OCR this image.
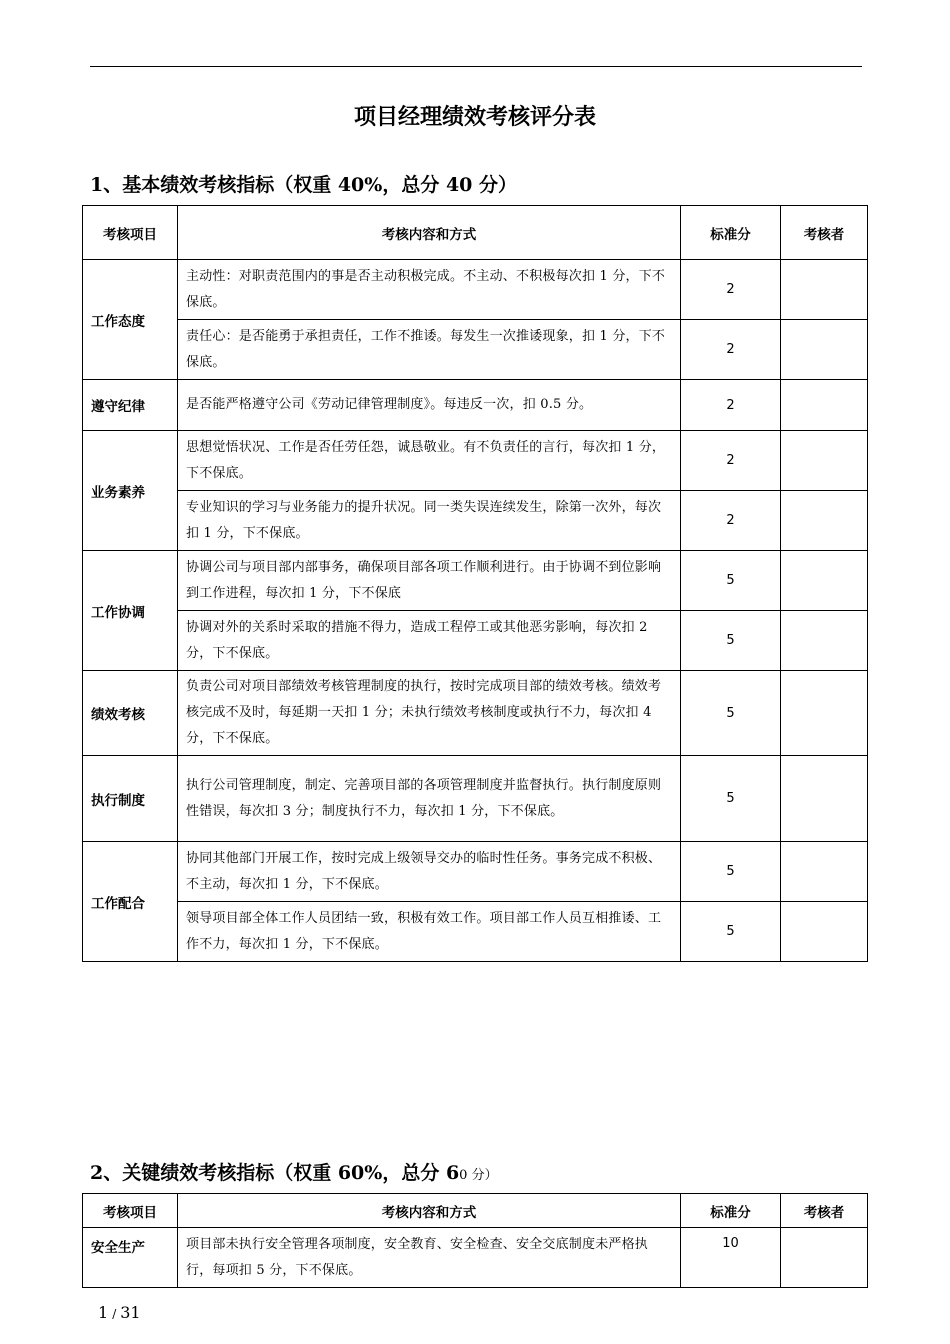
项目经理绩效考核评分表
1、基本绩效考核指标（权重 40%，总分 40 分）
考核项目	考核内容和方式	标准分	考核者
工作态度	主动性：对职责范围内的事是否主动积极完成。不主动、不积极每次扣 1 分，下不保底。	2	
	责任心：是否能勇于承担责任，工作不推诿。每发生一次推诿现象，扣 1 分，下不保底。	2	
遵守纪律	是否能严格遵守公司《劳动记律管理制度》。每违反一次，扣 0.5 分。	2	
业务素养	思想觉悟状况、工作是否任劳任怨，诚恳敬业。有不负责任的言行，每次扣 1 分，下不保底。	2	
	专业知识的学习与业务能力的提升状况。同一类失误连续发生，除第一次外，每次扣 1 分，下不保底。	2	
工作协调	协调公司与项目部内部事务，确保项目部各项工作顺利进行。由于协调不到位影响到工作进程，每次扣 1 分，下不保底	5	
	协调对外的关系时采取的措施不得力，造成工程停工或其他恶劣影响，每次扣 2 分，下不保底。	5	
绩效考核	负责公司对项目部绩效考核管理制度的执行，按时完成项目部的绩效考核。绩效考核完成不及时，每延期一天扣 1 分；未执行绩效考核制度或执行不力，每次扣 4 分，下不保底。	5	
执行制度	执行公司管理制度，制定、完善项目部的各项管理制度并监督执行。执行制度原则性错误，每次扣 3 分；制度执行不力，每次扣 1 分，下不保底。	5	
工作配合	协同其他部门开展工作，按时完成上级领导交办的临时性任务。事务完成不积极、不主动，每次扣 1 分，下不保底。	5	
	领导项目部全体工作人员团结一致，积极有效工作。项目部工作人员互相推诿、工作不力，每次扣 1 分，下不保底。	5	
2、关键绩效考核指标（权重 60%，总分 60 分）
考核项目	考核内容和方式	标准分	考核者
安全生产	项目部未执行安全管理各项制度，安全教育、安全检查、安全交底制度未严格执行，每项扣 5 分，下不保底。	10	
1 / 31
